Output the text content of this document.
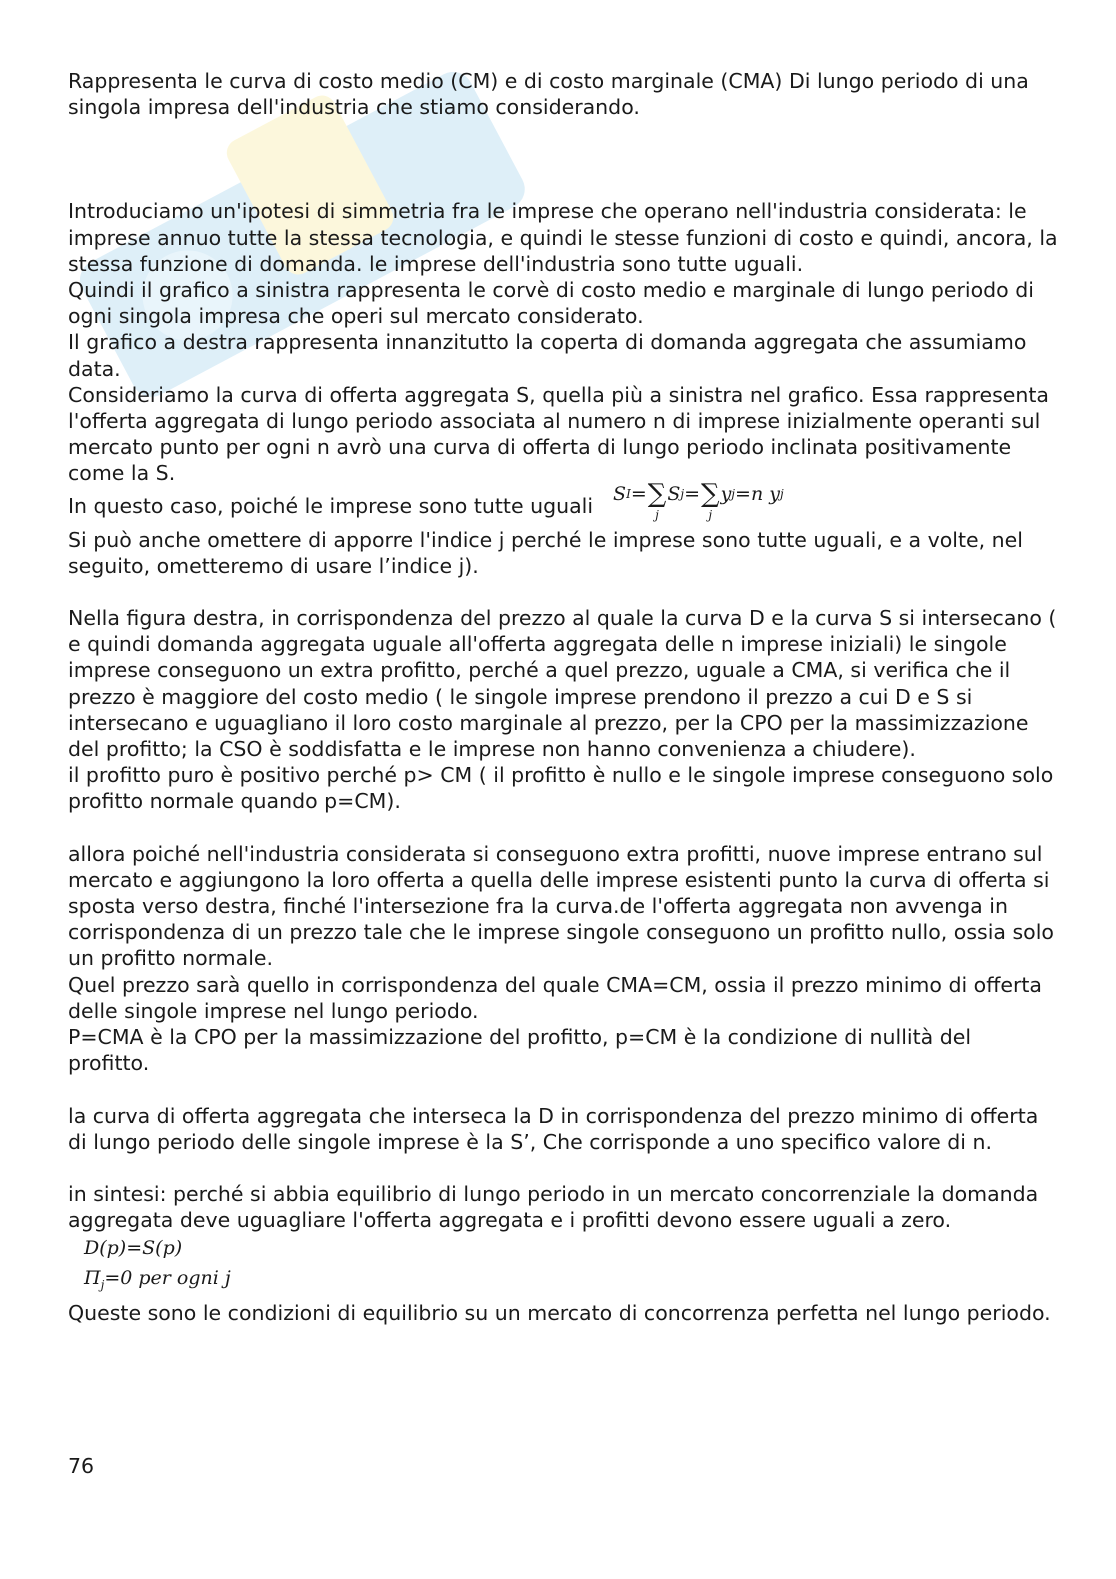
Rappresenta le curva di costo medio (CM) e di costo marginale (CMA) Di lungo periodo di una singola impresa dell'industria che stiamo considerando.

Introduciamo un'ipotesi di simmetria fra le imprese che operano nell'industria considerata: le imprese annuo tutte la stessa tecnologia, e quindi le stesse funzioni di costo e quindi, ancora, la stessa funzione di domanda. le imprese dell'industria sono tutte uguali.

Quindi il grafico a sinistra rappresenta le corvè di costo medio e marginale di lungo periodo di ogni singola impresa che operi sul mercato considerato.

Il grafico a destra rappresenta innanzitutto la coperta di domanda aggregata che assumiamo data.

Consideriamo la curva di offerta aggregata S, quella più a sinistra nel grafico. Essa rappresenta l'offerta aggregata di lungo periodo associata al numero n di imprese inizialmente operanti sul mercato punto per ogni n avrò una curva di offerta di lungo periodo inclinata positivamente come la S.

In questo caso, poiché le imprese sono tutte uguali S I = ∑
j
S j = ∑
j
y j =n y j

Si può anche omettere di apporre l'indice j perché le imprese sono tutte uguali, e a volte, nel seguito, ometteremo di usare l’indice j).

Nella figura destra, in corrispondenza del prezzo al quale la curva D e la curva S si intersecano ( e quindi domanda aggregata uguale all'offerta aggregata delle n imprese iniziali) le singole imprese conseguono un extra profitto, perché a quel prezzo, uguale a CMA, si verifica che il prezzo è maggiore del costo medio ( le singole imprese prendono il prezzo a cui D e S si intersecano e uguagliano il loro costo marginale al prezzo, per la CPO per la massimizzazione del profitto; la CSO è soddisfatta e le imprese non hanno convenienza a chiudere).

il profitto puro è positivo perché p> CM ( il profitto è nullo e le singole imprese conseguono solo profitto normale quando p=CM).

allora poiché nell'industria considerata si conseguono extra profitti, nuove imprese entrano sul mercato e aggiungono la loro offerta a quella delle imprese esistenti punto la curva di offerta si sposta verso destra, finché l'intersezione fra la curva.de l'offerta aggregata non avvenga in corrispondenza di un prezzo tale che le imprese singole conseguono un profitto nullo, ossia solo un profitto normale.

Quel prezzo sarà quello in corrispondenza del quale CMA=CM, ossia il prezzo minimo di offerta delle singole imprese nel lungo periodo.

P=CMA è la CPO per la massimizzazione del profitto, p=CM è la condizione di nullità del profitto.

la curva di offerta aggregata che interseca la D in corrispondenza del prezzo minimo di offerta di lungo periodo delle singole imprese è la S’, Che corrisponde a uno specifico valore di n.

in sintesi: perché si abbia equilibrio di lungo periodo in un mercato concorrenziale la domanda aggregata deve uguagliare l'offerta aggregata e i profitti devono essere uguali a zero.

D(p)=S(p)
$\Pi_j=0$ per ogni j

Queste sono le condizioni di equilibrio su un mercato di concorrenza perfetta nel lungo periodo.

76
